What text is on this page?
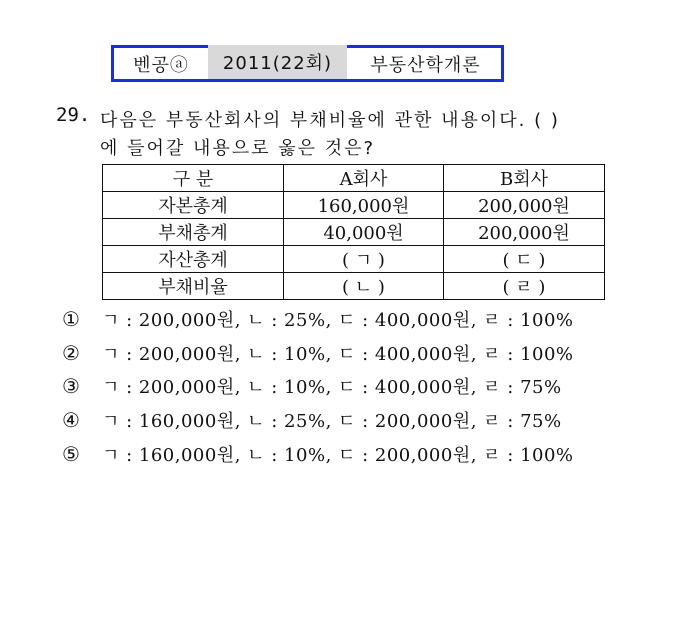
벤공ⓐ 2011(22회) 부동산학개론
29. 다음은 부동산회사의 부채비율에 관한 내용이다. ( )
에 들어갈 내용으로 옳은 것은?
구 분	A회사	B회사
자본총계	160,000원	200,000원
부채총계	40,000원	200,000원
자산총계	( ㄱ )	( ㄷ )
부채비율	( ㄴ )	( ㄹ )
①	ㄱ : 200,000원, ㄴ : 25%, ㄷ : 400,000원, ㄹ : 100%
②	ㄱ : 200,000원, ㄴ : 10%, ㄷ : 400,000원, ㄹ : 100%
③	ㄱ : 200,000원, ㄴ : 10%, ㄷ : 400,000원, ㄹ : 75%
④	ㄱ : 160,000원, ㄴ : 25%, ㄷ : 200,000원, ㄹ : 75%
⑤	ㄱ : 160,000원, ㄴ : 10%, ㄷ : 200,000원, ㄹ : 100%
